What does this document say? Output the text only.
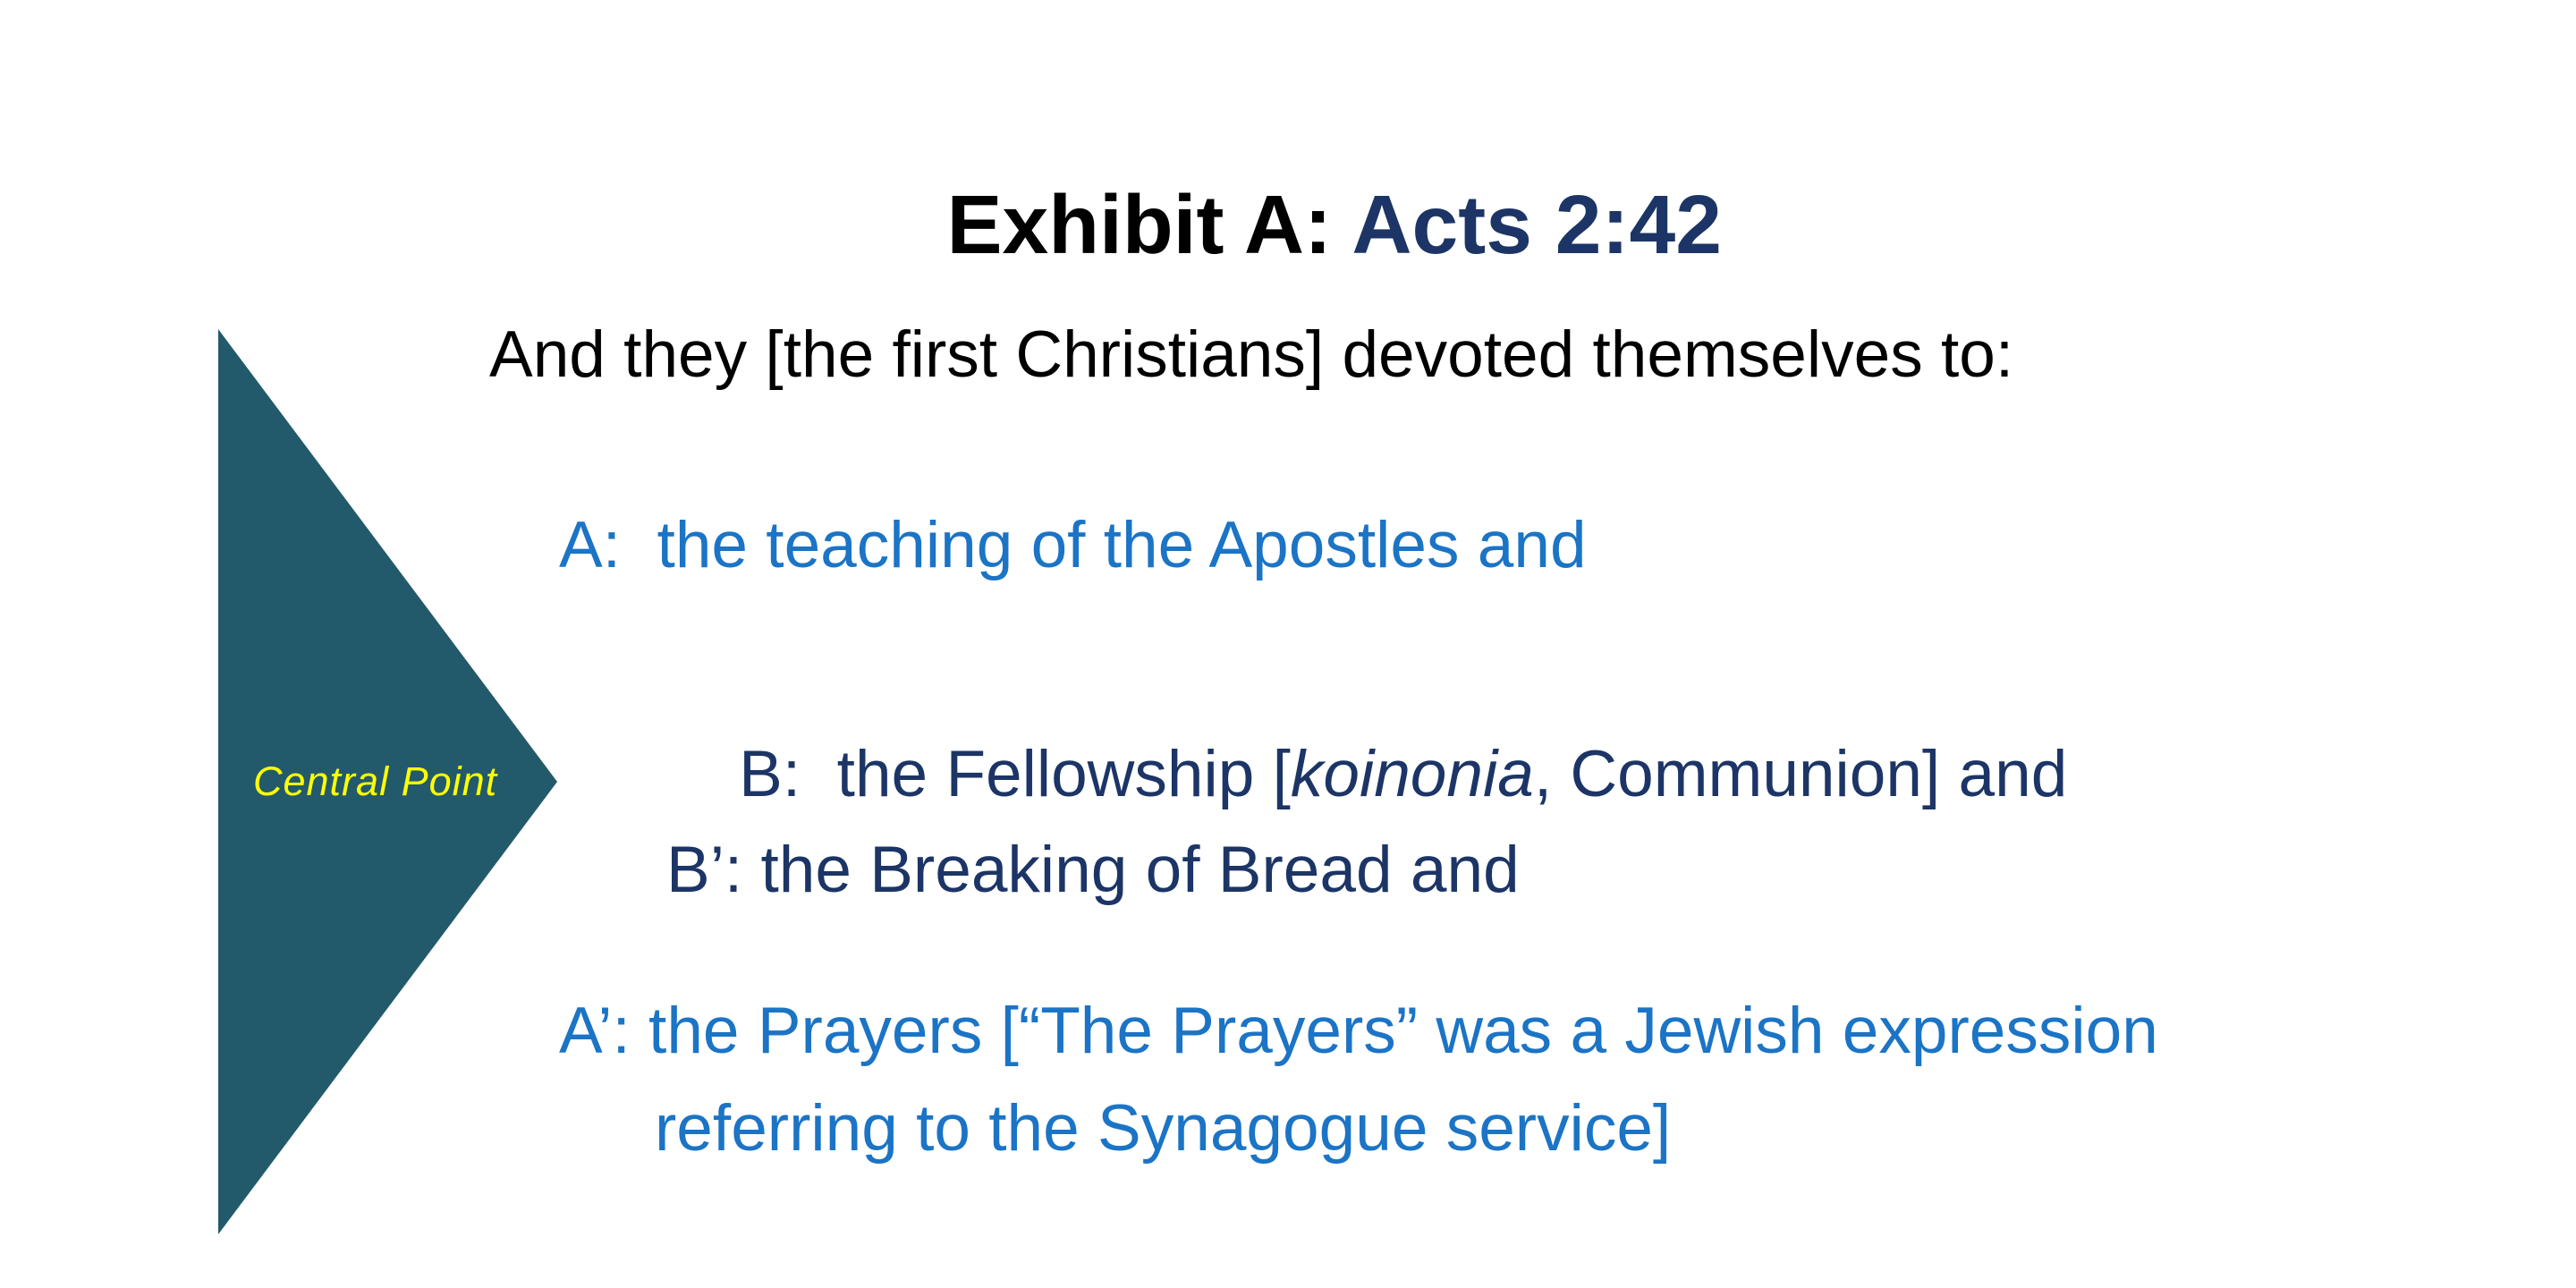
Central Point

Exhibit A: Acts 2:42

And they [the first Christians] devoted themselves to:
A:  the teaching of the Apostles and

B:  the Fellowship [koinonia, Communion] and

B’: the Breaking of Bread and
A’: the Prayers [“The Prayers” was a Jewish expression
referring to the Synagogue service]
